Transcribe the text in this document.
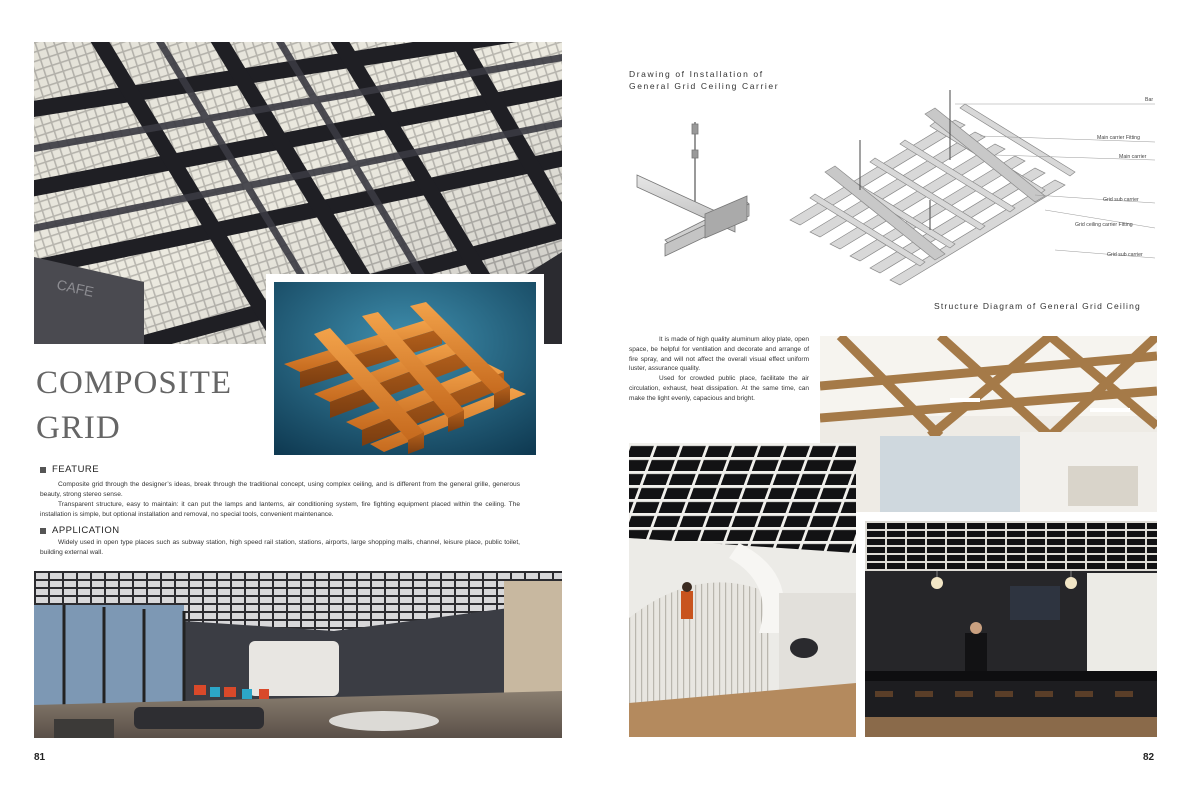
CAFE
COMPOSITE
GRID
FEATURE

Composite grid through the designer’s ideas, break through the traditional concept, using complex ceiling, and is different from the general grille, generous beauty, strong stereo sense.

Transparent structure, easy to maintain: it can put the lamps and lanterns, air conditioning system, fire fighting equipment placed within the ceiling. The installation is simple, but optional installation and removal, no special tools, convenient maintenance.

APPLICATION

Widely used in open type places such as subway station, high speed rail station, stations, airports, large shopping malls, channel, leisure place, public toilet, building external wall.

81
Drawing of Installation of
General Grid Ceiling Carrier
Bar
Main carrier Fitting
Main carrier
Grid sub carrier
Grid ceiling carrier Fitting
Grid sub carrier
Structure Diagram of General Grid Ceiling

It is made of high quality aluminum alloy plate, open space, be helpful for ventilation and decorate and arrange of fire spray, and will not affect the overall visual effect uniform luster, assurance quality.

Used for crowded public place, facilitate the air circulation, exhaust, heat dissipation. At the same time, can make the light evenly, capacious and bright.

82
